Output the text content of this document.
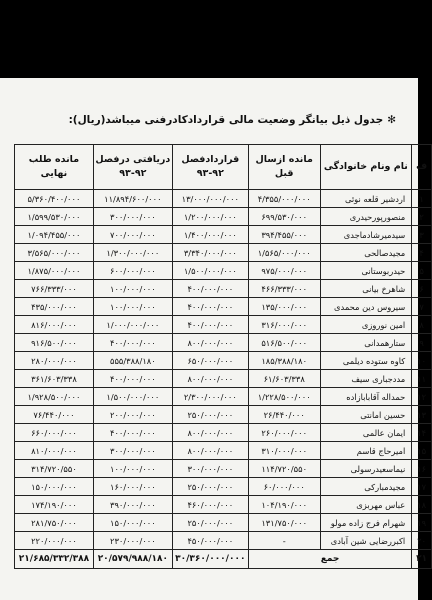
✻جدول ذیل بیانگر وضعیت مالی قراردادکادرفنی میباشد(ریال):
ف	نام ونام خانوادگی	مانده ازسال قبل	قراردادفصل ۹۲-۹۳	دریافتی درفصل ۹۲-۹۳	مانده طلب نهایی
۱	اردشیر قلعه نوئی	۴/۳۵۵/۰۰۰/۰۰۰	۱۳/۰۰۰/۰۰۰/۰۰۰	۱۱/۸۹۴/۶۰۰/۰۰۰	۵/۳۶۰/۴۰۰/۰۰۰
۲	منصورپورحیدری	۶۹۹/۵۳۰/۰۰۰	۱/۲۰۰/۰۰۰/۰۰۰	۳۰۰/۰۰۰/۰۰۰	۱/۵۹۹/۵۳۰/۰۰۰
۳	سیدمیرشادماجدی	۳۹۴/۴۵۵/۰۰۰	۱/۴۰۰/۰۰۰/۰۰۰	۷۰۰/۰۰۰/۰۰۰	۱/۰۹۴/۴۵۵/۰۰۰
۴	مجیدصالحی	۱/۵۶۵/۰۰۰/۰۰۰	۳/۳۴۰/۰۰۰/۰۰۰	۱/۳۰۰/۰۰۰/۰۰۰	۳/۵۶۵/۰۰۰/۰۰۰
۵	حیدربوستانی	۹۷۵/۰۰۰/۰۰۰	۱/۵۰۰/۰۰۰/۰۰۰	۶۰۰/۰۰۰/۰۰۰	۱/۸۷۵/۰۰۰/۰۰۰
۶	شاهرخ بیانی	۴۶۶/۳۳۳/۰۰۰	۴۰۰/۰۰۰/۰۰۰	۱۰۰/۰۰۰/۰۰۰	۷۶۶/۳۳۳/۰۰۰
۷	سیروس دین محمدی	۱۳۵/۰۰۰/۰۰۰	۴۰۰/۰۰۰/۰۰۰	۱۰۰/۰۰۰/۰۰۰	۴۳۵/۰۰۰/۰۰۰
۸	امین نوروزی	۳۱۶/۰۰۰/۰۰۰	۴۰۰/۰۰۰/۰۰۰	۱/۰۰۰/۰۰۰/۰۰۰	۸۱۶/۰۰۰/۰۰۰
۹	ستارهمدانی	۵۱۶/۵۰۰/۰۰۰	۸۰۰/۰۰۰/۰۰۰	۴۰۰/۰۰۰/۰۰۰	۹۱۶/۵۰۰/۰۰۰
۱۰	کاوه ستوده دیلمی	۱۸۵/۳۸۸/۱۸۰	۶۵۰/۰۰۰/۰۰۰	۵۵۵/۳۸۸/۱۸۰	۲۸۰/۰۰۰/۰۰۰
۱۱	مددجباری سیف	۶۱/۶۰۳/۳۳۸	۸۰۰/۰۰۰/۰۰۰	۴۰۰/۰۰۰/۰۰۰	۳۶۱/۶۰۳/۳۳۸
۱۲	حمداله آقابابازاده	۱/۲۲۸/۵۰۰/۰۰۰	۲/۳۰۰/۰۰۰/۰۰۰	۱/۵۰۰/۰۰۰/۰۰۰	۱/۹۲۸/۵۰۰/۰۰۰
۱۳	حسین امانتی	۲۶/۴۴۰/۰۰۰	۲۵۰/۰۰۰/۰۰۰	۲۰۰/۰۰۰/۰۰۰	۷۶/۴۴۰/۰۰۰
۱۴	ایمان عالمی	۲۶۰/۰۰۰/۰۰۰	۸۰۰/۰۰۰/۰۰۰	۴۰۰/۰۰۰/۰۰۰	۶۶۰/۰۰۰/۰۰۰
۱۵	امیرحاج قاسم	۳۱۰/۰۰۰/۰۰۰	۸۰۰/۰۰۰/۰۰۰	۳۰۰/۰۰۰/۰۰۰	۸۱۰/۰۰۰/۰۰۰
۱۶	نیماسعیدرسولی	۱۱۴/۷۲۰/۵۵۰	۳۰۰/۰۰۰/۰۰۰	۱۰۰/۰۰۰/۰۰۰	۳۱۴/۷۲۰/۵۵۰
۱۷	مجیدمبارکی	۶۰/۰۰۰/۰۰۰	۲۵۰/۰۰۰/۰۰۰	۱۶۰/۰۰۰/۰۰۰	۱۵۰/۰۰۰/۰۰۰
۱۸	عباس مهربزی	۱۰۴/۱۹۰/۰۰۰	۴۶۰/۰۰۰/۰۰۰	۳۹۰/۰۰۰/۰۰۰	۱۷۴/۱۹۰/۰۰۰
۱۹	شهرام فرج زاده مولو	۱۳۱/۷۵۰/۰۰۰	۲۵۰/۰۰۰/۰۰۰	۱۵۰/۰۰۰/۰۰۰	۲۸۱/۷۵۰/۰۰۰
۲۰	اکبررضایی شین آبادی	-	۴۵۰/۰۰۰/۰۰۰	۲۳۰/۰۰۰/۰۰۰	۲۲۰/۰۰۰/۰۰۰
۲۱	جمع		۳۰/۳۶۰/۰۰۰/۰۰۰	۲۰/۵۷۹/۹۸۸/۱۸۰	۲۱/۶۸۵/۳۳۲/۳۸۸
